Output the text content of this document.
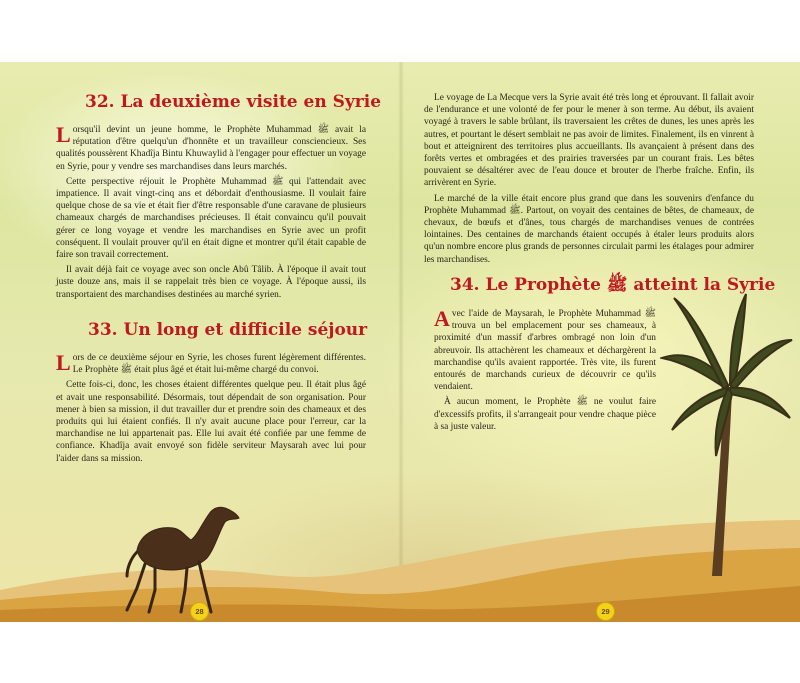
32. La deuxième visite en Syrie

Lorsqu'il devint un jeune homme, le Prophète Muhammad ﷺ avait la réputation d'être quelqu'un d'honnête et un travailleur consciencieux. Ses qualités poussèrent Khadîja Bintu Khuwaylid à l'engager pour effectuer un voyage en Syrie, pour y vendre ses marchandises dans leurs marchés.

Cette perspective réjouit le Prophète Muhammad ﷺ qui l'attendait avec impatience. Il avait vingt-cinq ans et débordait d'enthousiasme. Il voulait faire quelque chose de sa vie et était fier d'être responsable d'une caravane de plusieurs chameaux chargés de marchandises précieuses. Il était convaincu qu'il pouvait gérer ce long voyage et vendre les marchandises en Syrie avec un profit conséquent. Il voulait prouver qu'il en était digne et montrer qu'il était capable de faire son travail correctement.

Il avait déjà fait ce voyage avec son oncle Abû Tâlib. À l'époque il avait tout juste douze ans, mais il se rappelait très bien ce voyage. À l'époque aussi, ils transportaient des marchandises destinées au marché syrien.

33. Un long et difficile séjour

Lors de ce deuxième séjour en Syrie, les choses furent légèrement différentes. Le Prophète ﷺ était plus âgé et était lui-même chargé du convoi.

Cette fois-ci, donc, les choses étaient différentes quelque peu. Il était plus âgé et avait une responsabilité. Désormais, tout dépendait de son organisation. Pour mener à bien sa mission, il dut travailler dur et prendre soin des chameaux et des produits qui lui étaient confiés. Il n'y avait aucune place pour l'erreur, car la marchandise ne lui appartenait pas. Elle lui avait été confiée par une femme de confiance. Khadîja avait envoyé son fidèle serviteur Maysarah avec lui pour l'aider dans sa mission.

28

Le voyage de La Mecque vers la Syrie avait été très long et éprouvant. Il fallait avoir de l'endurance et une volonté de fer pour le mener à son terme. Au début, ils avaient voyagé à travers le sable brûlant, ils traversaient les crêtes de dunes, les unes après les autres, et pourtant le désert semblait ne pas avoir de limites. Finalement, ils en vinrent à bout et atteignirent des territoires plus accueillants. Ils avançaient à présent dans des forêts vertes et ombragées et des prairies traversées par un courant frais. Les bêtes pouvaient se désaltérer avec de l'eau douce et brouter de l'herbe fraîche. Enfin, ils arrivèrent en Syrie.

Le marché de la ville était encore plus grand que dans les souvenirs d'enfance du Prophète Muhammad ﷺ. Partout, on voyait des centaines de bêtes, de chameaux, de chevaux, de bœufs et d'ânes, tous chargés de marchandises venues de contrées lointaines. Des centaines de marchands étaient occupés à étaler leurs produits alors qu'un nombre encore plus grands de personnes circulait parmi les étalages pour admirer les marchandises.

34. Le Prophète ﷺ atteint la Syrie

Avec l'aide de Maysarah, le Prophète Muhammad ﷺ trouva un bel emplacement pour ses chameaux, à proximité d'un massif d'arbres ombragé non loin d'un abreuvoir. Ils attachèrent les chameaux et déchargèrent la marchandise qu'ils avaient rapportée. Très vite, ils furent entourés de marchands curieux de découvrir ce qu'ils vendaient.

À aucun moment, le Prophète ﷺ ne voulut faire d'excessifs profits, il s'arrangeait pour vendre chaque pièce à sa juste valeur.

29
